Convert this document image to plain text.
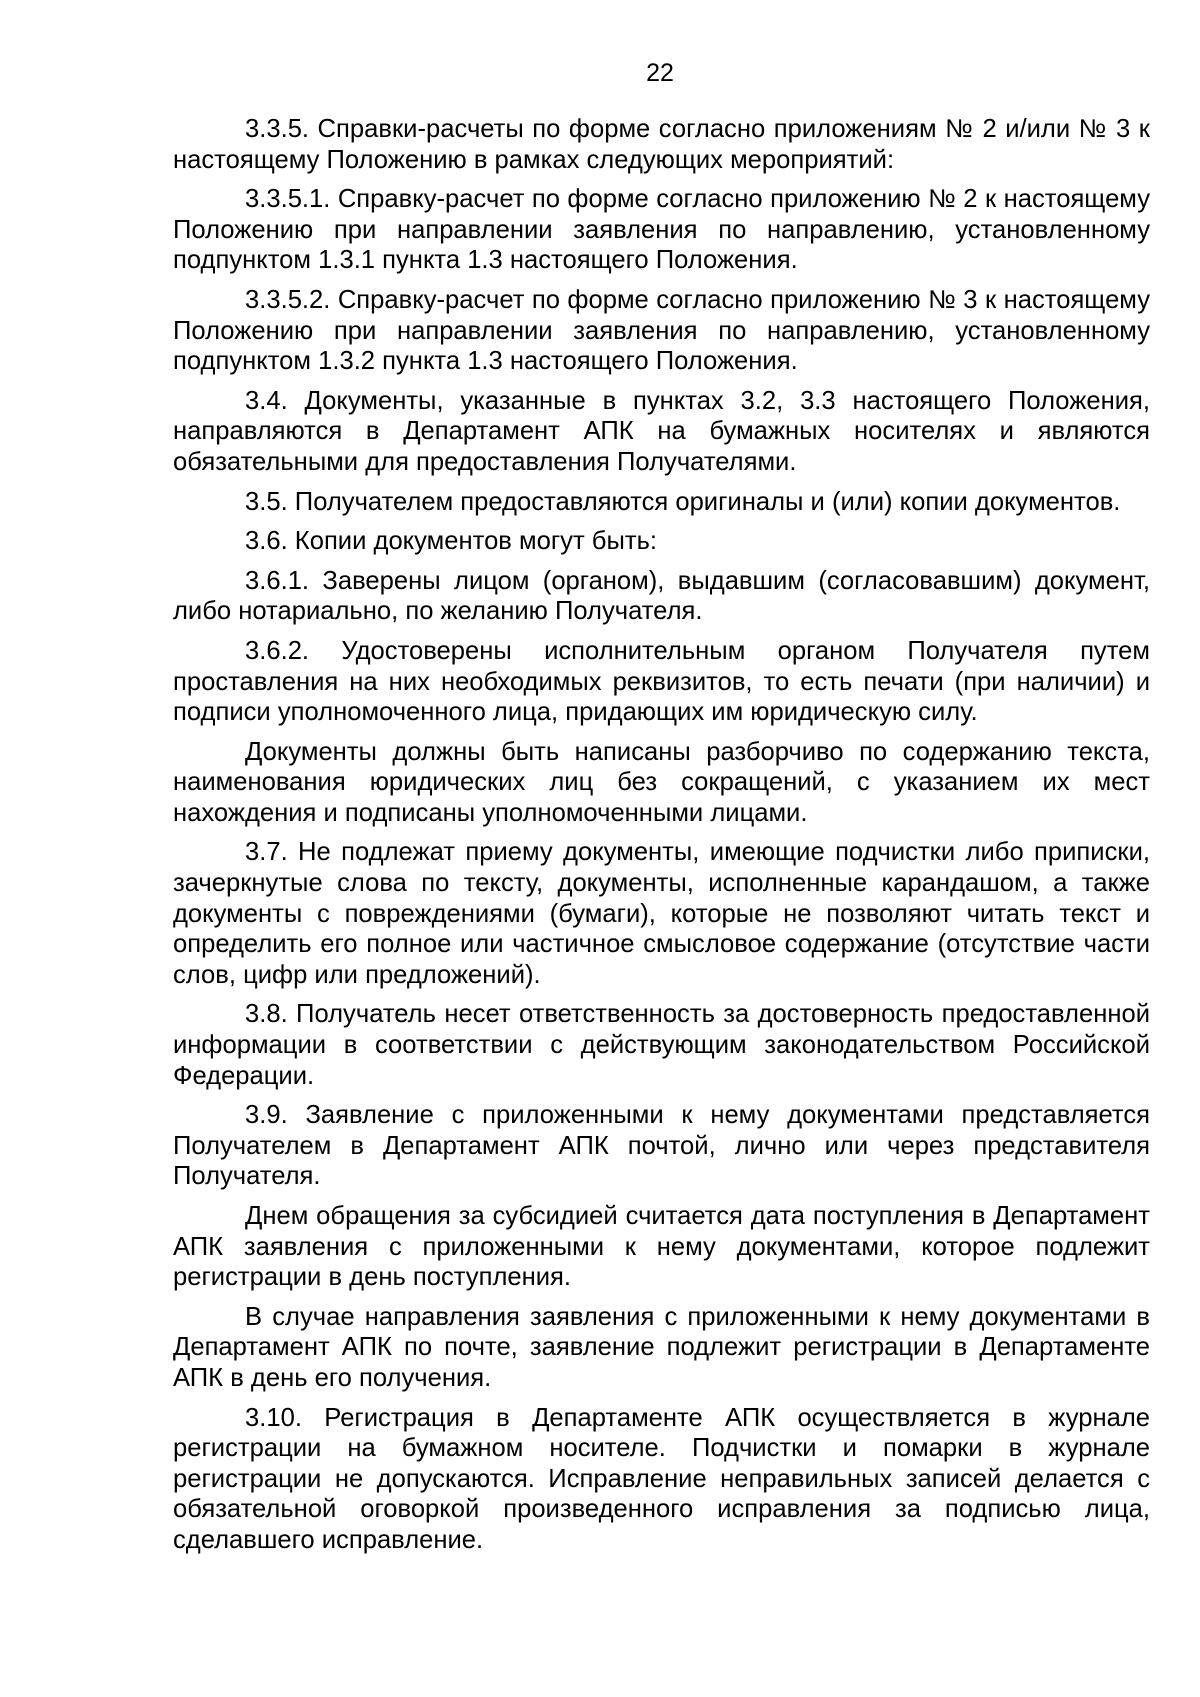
22

3.3.5. Справки-расчеты по форме согласно приложениям № 2 и/или № 3 к настоящему Положению в рамках следующих мероприятий:

3.3.5.1. Справку-расчет по форме согласно приложению № 2 к настоящему Положению при направлении заявления по направлению, установленному подпунктом 1.3.1 пункта 1.3 настоящего Положения.

3.3.5.2. Справку-расчет по форме согласно приложению № 3 к настоящему Положению при направлении заявления по направлению, установленному подпунктом 1.3.2 пункта 1.3 настоящего Положения.

3.4. Документы, указанные в пунктах 3.2, 3.3 настоящего Положения, направляются в Департамент АПК на бумажных носителях и являются обязательными для предоставления Получателями.

3.5. Получателем предоставляются оригиналы и (или) копии документов.

3.6. Копии документов могут быть:

3.6.1. Заверены лицом (органом), выдавшим (согласовавшим) документ, либо нотариально, по желанию Получателя.

3.6.2. Удостоверены исполнительным органом Получателя путем проставления на них необходимых реквизитов, то есть печати (при наличии) и подписи уполномоченного лица, придающих им юридическую силу.

Документы должны быть написаны разборчиво по содержанию текста, наименования юридических лиц без сокращений, с указанием их мест нахождения и подписаны уполномоченными лицами.

3.7. Не подлежат приему документы, имеющие подчистки либо приписки, зачеркнутые слова по тексту, документы, исполненные карандашом, а также документы с повреждениями (бумаги), которые не позволяют читать текст и определить его полное или частичное смысловое содержание (отсутствие части слов, цифр или предложений).

3.8. Получатель несет ответственность за достоверность предоставленной информации в соответствии с действующим законодательством Российской Федерации.

3.9. Заявление с приложенными к нему документами представляется Получателем в Департамент АПК почтой, лично или через представителя Получателя.

Днем обращения за субсидией считается дата поступления в Департамент АПК заявления с приложенными к нему документами, которое подлежит регистрации в день поступления.

В случае направления заявления с приложенными к нему документами в Департамент АПК по почте, заявление подлежит регистрации в Департаменте АПК в день его получения.

3.10. Регистрация в Департаменте АПК осуществляется в журнале регистрации на бумажном носителе. Подчистки и помарки в журнале регистрации не допускаются. Исправление неправильных записей делается с обязательной оговоркой произведенного исправления за подписью лица, сделавшего исправление.
